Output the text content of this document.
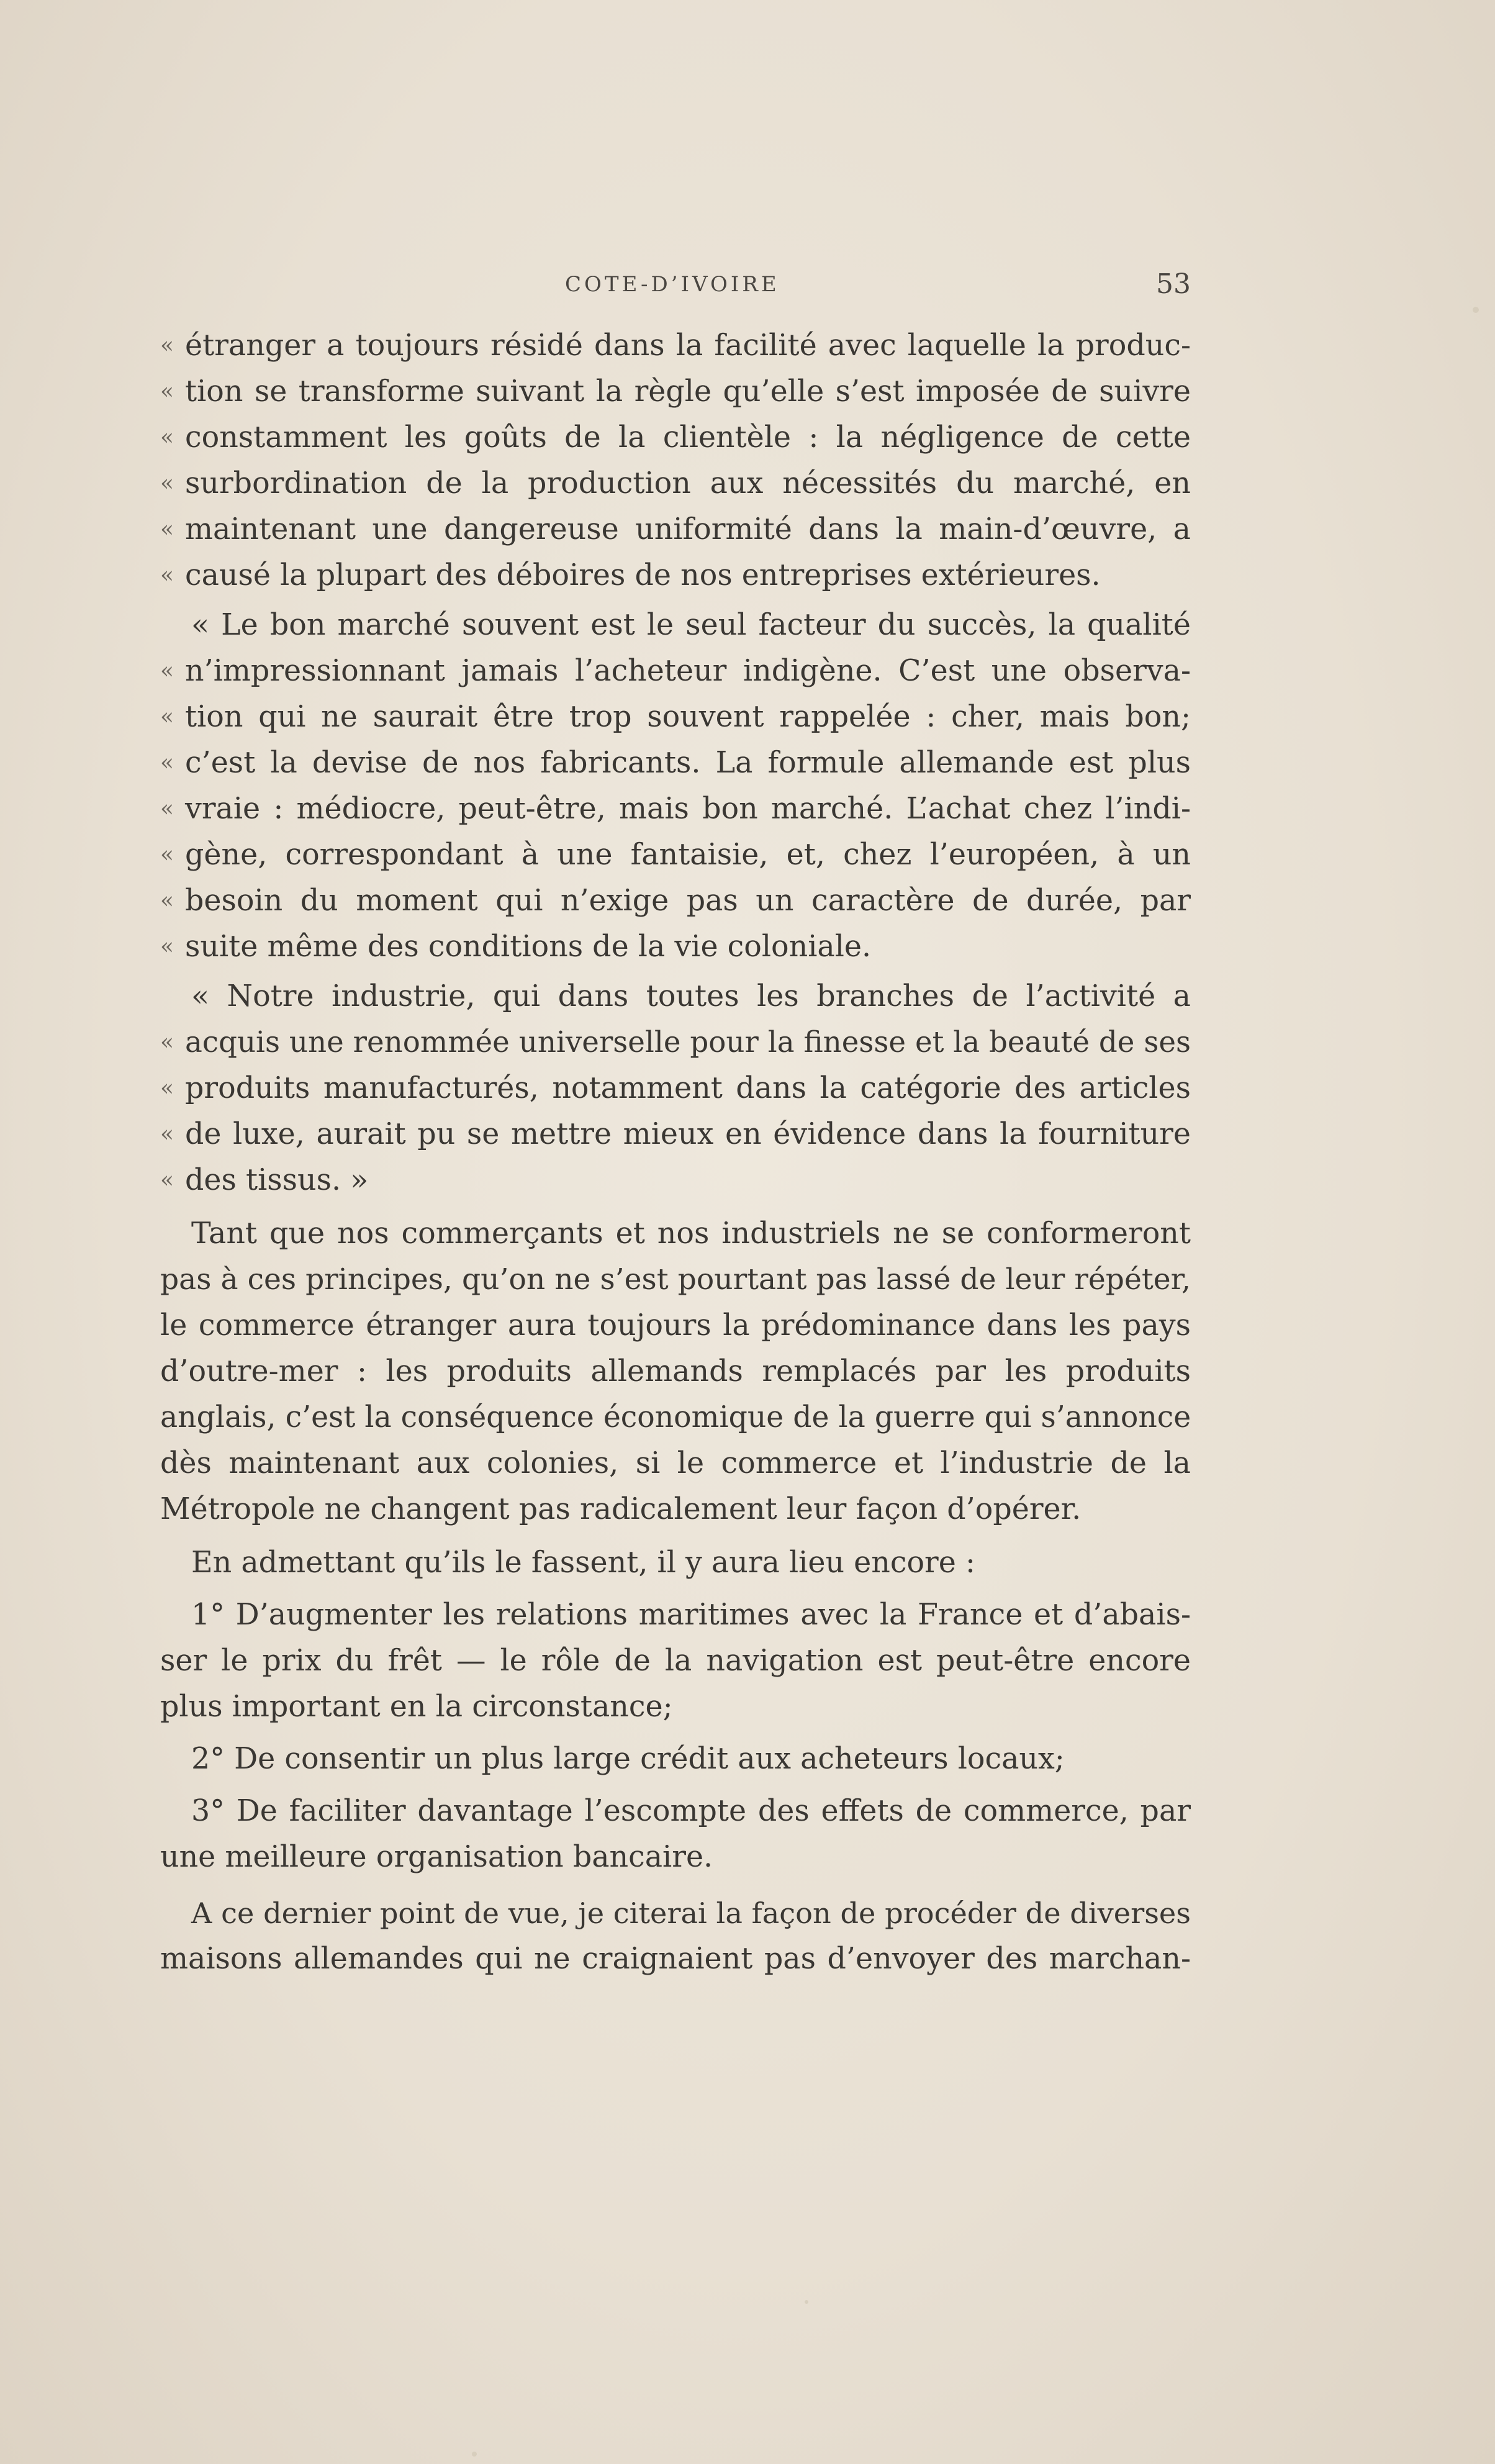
COTE-D’IVOIRE	53
« étranger a toujours résidé dans la facilité avec laquelle la produc-
« tion se transforme suivant la règle qu’elle s’est imposée de suivre
« constamment les goûts de la clientèle : la négligence de cette
« surbordination de la production aux nécessités du marché, en
« maintenant une dangereuse uniformité dans la main-d’œuvre, a
« causé la plupart des déboires de nos entreprises extérieures.
« Le bon marché souvent est le seul facteur du succès, la qualité
« n’impressionnant jamais l’acheteur indigène. C’est une observa-
« tion qui ne saurait être trop souvent rappelée : cher, mais bon;
« c’est la devise de nos fabricants. La formule allemande est plus
« vraie : médiocre, peut-être, mais bon marché. L’achat chez l’indi-
« gène, correspondant à une fantaisie, et, chez l’européen, à un
« besoin du moment qui n’exige pas un caractère de durée, par
« suite même des conditions de la vie coloniale.
« Notre industrie, qui dans toutes les branches de l’activité a
« acquis une renommée universelle pour la finesse et la beauté de ses
« produits manufacturés, notamment dans la catégorie des articles
« de luxe, aurait pu se mettre mieux en évidence dans la fourniture
« des tissus. »
Tant que nos commerçants et nos industriels ne se conformeront
pas à ces principes, qu’on ne s’est pourtant pas lassé de leur répéter,
le commerce étranger aura toujours la prédominance dans les pays
d’outre-mer : les produits allemands remplacés par les produits
anglais, c’est la conséquence économique de la guerre qui s’annonce
dès maintenant aux colonies, si le commerce et l’industrie de la
Métropole ne changent pas radicalement leur façon d’opérer.
En admettant qu’ils le fassent, il y aura lieu encore :
1° D’augmenter les relations maritimes avec la France et d’abais-
ser le prix du frêt — le rôle de la navigation est peut-être encore
plus important en la circonstance;
2° De consentir un plus large crédit aux acheteurs locaux;
3° De faciliter davantage l’escompte des effets de commerce, par
une meilleure organisation bancaire.
A ce dernier point de vue, je citerai la façon de procéder de diverses
maisons allemandes qui ne craignaient pas d’envoyer des marchan-
